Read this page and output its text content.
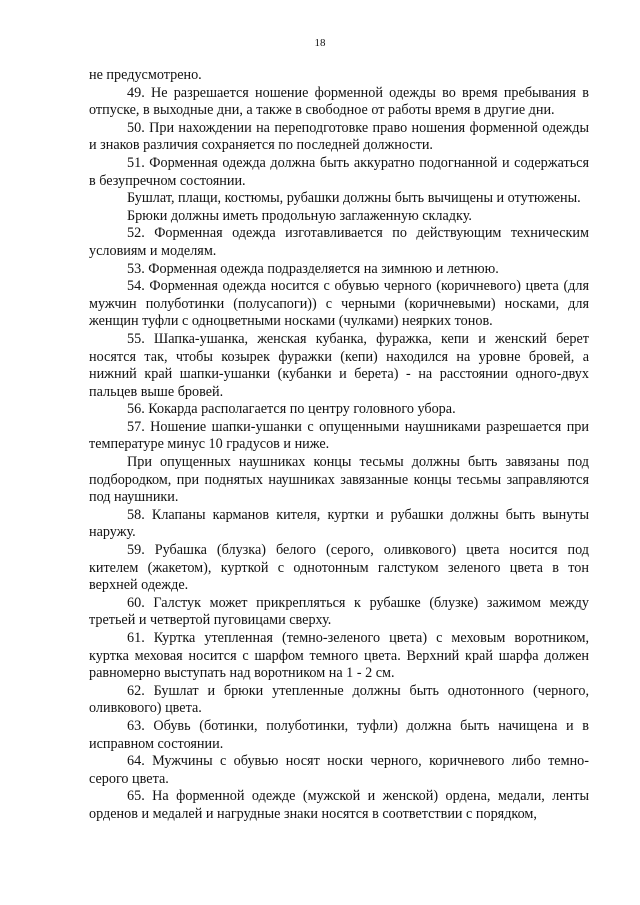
18

не предусмотрено.

49. Не разрешается ношение форменной одежды во время пребывания в отпуске, в выходные дни, а также в свободное от работы время в другие дни.

50. При нахождении на переподготовке право ношения форменной одежды и знаков различия сохраняется по последней должности.

51. Форменная одежда должна быть аккуратно подогнанной и содержаться в безупречном состоянии.

Бушлат, плащи, костюмы, рубашки должны быть вычищены и отутюжены.

Брюки должны иметь продольную заглаженную складку.

52. Форменная одежда изготавливается по действующим техническим условиям и моделям.

53. Форменная одежда подразделяется на зимнюю и летнюю.

54. Форменная одежда носится с обувью черного (коричневого) цвета (для мужчин полуботинки (полусапоги)) с черными (коричневыми) носками, для женщин туфли с одноцветными носками (чулками) неярких тонов.

55. Шапка-ушанка, женская кубанка, фуражка, кепи и женский берет носятся так, чтобы козырек фуражки (кепи) находился на уровне бровей, а нижний край шапки-ушанки (кубанки и берета) - на расстоянии одного-двух пальцев выше бровей.

56. Кокарда располагается по центру головного убора.

57. Ношение шапки-ушанки с опущенными наушниками разрешается при температуре минус 10 градусов и ниже.

При опущенных наушниках концы тесьмы должны быть завязаны под подбородком, при поднятых наушниках завязанные концы тесьмы заправляются под наушники.

58. Клапаны карманов кителя, куртки и рубашки должны быть вынуты наружу.

59. Рубашка (блузка) белого (серого, оливкового) цвета носится под кителем (жакетом), курткой с однотонным галстуком зеленого цвета в тон верхней одежде.

60. Галстук может прикрепляться к рубашке (блузке) зажимом между третьей и четвертой пуговицами сверху.

61. Куртка утепленная (темно-зеленого цвета) с меховым воротником, куртка меховая носится с шарфом темного цвета. Верхний край шарфа должен равномерно выступать над воротником на 1 - 2 см.

62. Бушлат и брюки утепленные должны быть однотонного (черного, оливкового) цвета.

63. Обувь (ботинки, полуботинки, туфли) должна быть начищена и в исправном состоянии.

64. Мужчины с обувью носят носки черного, коричневого либо темно-серого цвета.

65. На форменной одежде (мужской и женской) ордена, медали, ленты орденов и медалей и нагрудные знаки носятся в соответствии с порядком,
